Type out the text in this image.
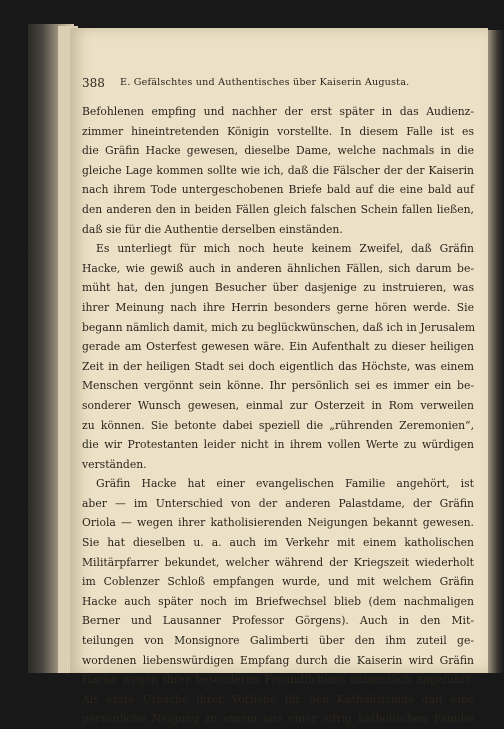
388 E. Gefälschtes und Authentisches über Kaiserin Augusta.
Befohlenen empfing und nachher der erst später in das Audienz-
zimmer hineintretenden Königin vorstellte. In diesem Falle ist es
die Gräfin Hacke gewesen, dieselbe Dame, welche nachmals in die
gleiche Lage kommen sollte wie ich, daß die Fälscher der der Kaiserin
nach ihrem Tode untergeschobenen Briefe bald auf die eine bald auf
den anderen den in beiden Fällen gleich falschen Schein fallen ließen,
daß sie für die Authentie derselben einständen.
Es unterliegt für mich noch heute keinem Zweifel, daß Gräfin
Hacke, wie gewiß auch in anderen ähnlichen Fällen, sich darum be-
müht hat, den jungen Besucher über dasjenige zu instruieren, was
ihrer Meinung nach ihre Herrin besonders gerne hören werde. Sie
begann nämlich damit, mich zu beglückwünschen, daß ich in Jerusalem
gerade am Osterfest gewesen wäre. Ein Aufenthalt zu dieser heiligen
Zeit in der heiligen Stadt sei doch eigentlich das Höchste, was einem
Menschen vergönnt sein könne. Ihr persönlich sei es immer ein be-
sonderer Wunsch gewesen, einmal zur Osterzeit in Rom verweilen
zu können. Sie betonte dabei speziell die „rührenden Zeremonien“,
die wir Protestanten leider nicht in ihrem vollen Werte zu würdigen
verständen.
Gräfin Hacke hat einer evangelischen Familie angehört, ist
aber — im Unterschied von der anderen Palastdame, der Gräfin
Oriola — wegen ihrer katholisierenden Neigungen bekannt gewesen.
Sie hat dieselben u. a. auch im Verkehr mit einem katholischen
Militärpfarrer bekundet, welcher während der Kriegszeit wiederholt
im Coblenzer Schloß empfangen wurde, und mit welchem Gräfin
Hacke auch später noch im Briefwechsel blieb (dem nachmaligen
Berner und Lausanner Professor Görgens). Auch in den Mit-
teilungen von Monsignore Galimberti über den ihm zuteil ge-
wordenen liebenswürdigen Empfang durch die Kaiserin wird Gräfin
Hacke wegen ihrer besonderen Freundlichkeit namentlich angeführt.
Als erste Ursache ihrer Vorliebe für den Katholizismus galt eine
persönliche Neigung zu einem aus einer eifrig katholischen Familie
